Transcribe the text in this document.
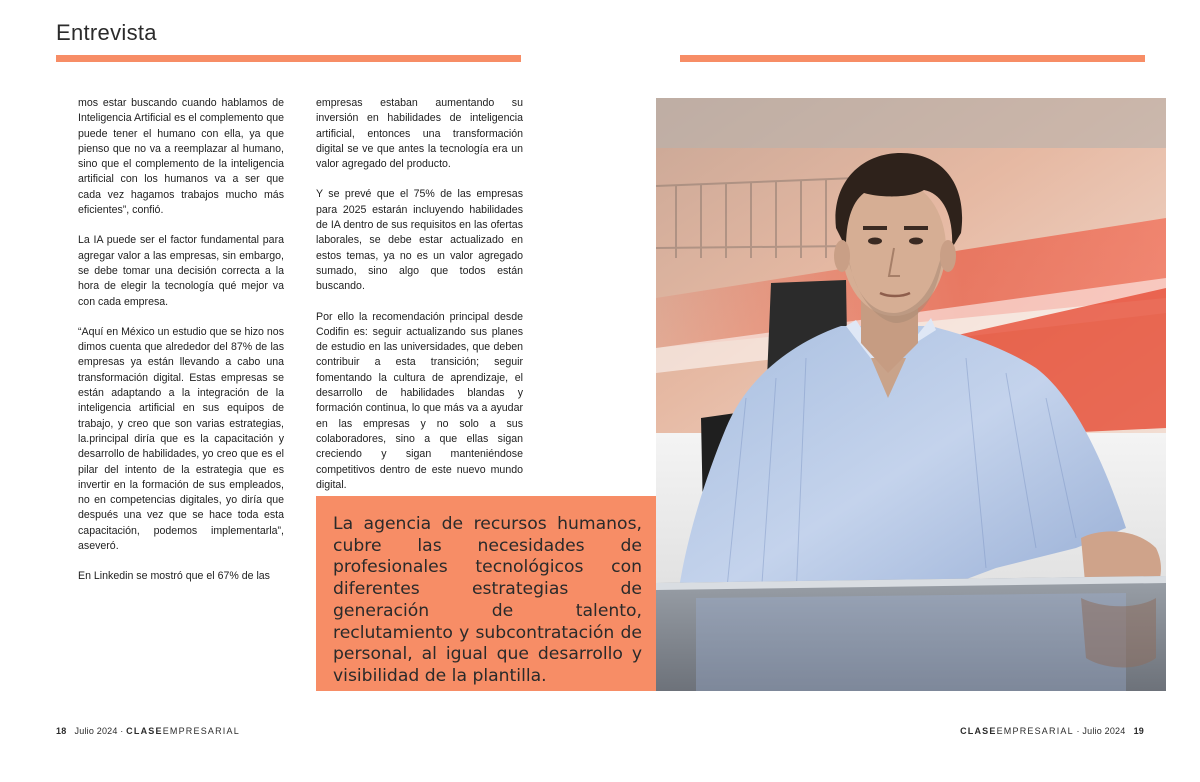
Entrevista

mos estar buscando cuando hablamos de Inteligencia Artificial es el complemento que puede tener el humano con ella, ya que pienso que no va a reemplazar al humano, sino que el complemento de la inteligencia artificial con los humanos va a ser que cada vez hagamos trabajos mucho más eficientes”, confió.

La IA puede ser el factor fundamental para agregar valor a las empresas, sin embargo, se debe tomar una decisión correcta a la hora de elegir la tecnología qué mejor va con cada empresa.

“Aquí en México un estudio que se hizo nos dimos cuenta que alrededor del 87% de las empresas ya están llevando a cabo una transformación digital. Estas empresas se están adaptando a la integración de la inteligencia artificial en sus equipos de trabajo, y creo que son varias estrategias, la.principal diría que es la capacitación y desarrollo de habilidades, yo creo que es el pilar del intento de la estrategia que es invertir en la formación de sus empleados, no en competencias digitales, yo diría que después una vez que se hace toda esta capacitación, podemos implementarla”, aseveró.

En Linkedin se mostró que el 67% de las

empresas estaban aumentando su inversión en habilidades de inteligencia artificial, entonces una transformación digital se ve que antes la tecnología era un valor agregado del producto.

Y se prevé que el 75% de las empresas para 2025 estarán incluyendo habilidades de IA dentro de sus requisitos en las ofertas laborales, se debe estar actualizado en estos temas, ya no es un valor agregado sumado, sino algo que todos están buscando.

Por ello la recomendación principal desde Codifin es: seguir actualizando sus planes de estudio en las universidades, que deben contribuir a esta transición; seguir fomentando la cultura de aprendizaje, el desarrollo de habilidades blandas y formación continua, lo que más va a ayudar en las empresas y no solo a sus colaboradores, sino a que ellas sigan creciendo y sigan manteniéndose competitivos dentro de este nuevo mundo digital.

La agencia de recursos humanos, cubre las necesidades de profesionales tecnológicos con diferentes estrategias de generación de talento, reclutamiento y subcontratación de personal, al igual que desarrollo y visibilidad de la plantilla.

18 Julio 2024 · CLASEEMPRESARIAL	CLASEEMPRESARIAL · Julio 2024 19
